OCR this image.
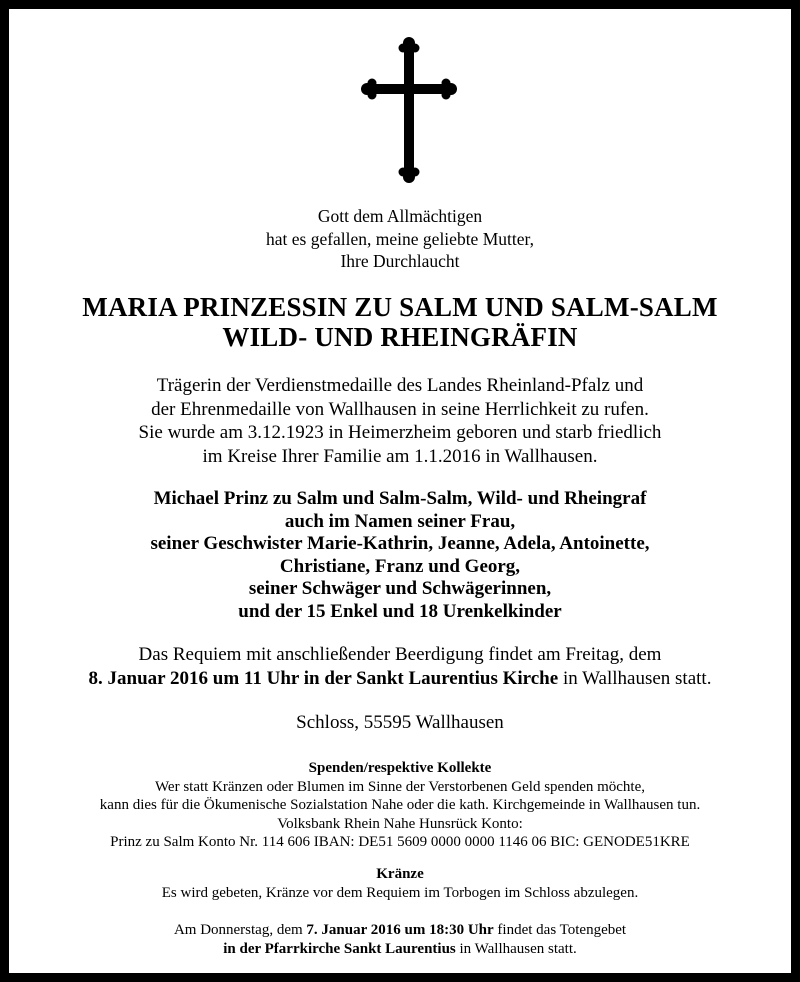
Gott dem Allmächtigen
hat es gefallen, meine geliebte Mutter,
Ihre Durchlaucht
MARIA PRINZESSIN ZU SALM UND SALM-SALM
WILD- UND RHEINGRÄFIN
Trägerin der Verdienstmedaille des Landes Rheinland-Pfalz und
der Ehrenmedaille von Wallhausen in seine Herrlichkeit zu rufen.
Sie wurde am 3.12.1923 in Heimerzheim geboren und starb friedlich
im Kreise Ihrer Familie am 1.1.2016 in Wallhausen.
Michael Prinz zu Salm und Salm-Salm, Wild- und Rheingraf
auch im Namen seiner Frau,
seiner Geschwister Marie-Kathrin, Jeanne, Adela, Antoinette,
Christiane, Franz und Georg,
seiner Schwäger und Schwägerinnen,
und der 15 Enkel und 18 Urenkelkinder
Das Requiem mit anschließender Beerdigung findet am Freitag, dem
8. Januar 2016 um 11 Uhr in der Sankt Laurentius Kirche in Wallhausen statt.
Schloss, 55595 Wallhausen
Spenden/respektive Kollekte
Wer statt Kränzen oder Blumen im Sinne der Verstorbenen Geld spenden möchte,
kann dies für die Ökumenische Sozialstation Nahe oder die kath. Kirchgemeinde in Wallhausen tun.
Volksbank Rhein Nahe Hunsrück Konto:
Prinz zu Salm Konto Nr. 114 606 IBAN: DE51 5609 0000 0000 1146 06 BIC: GENODE51KRE
Kränze
Es wird gebeten, Kränze vor dem Requiem im Torbogen im Schloss abzulegen.
Am Donnerstag, dem 7. Januar 2016 um 18:30 Uhr findet das Totengebet
in der Pfarrkirche Sankt Laurentius in Wallhausen statt.
